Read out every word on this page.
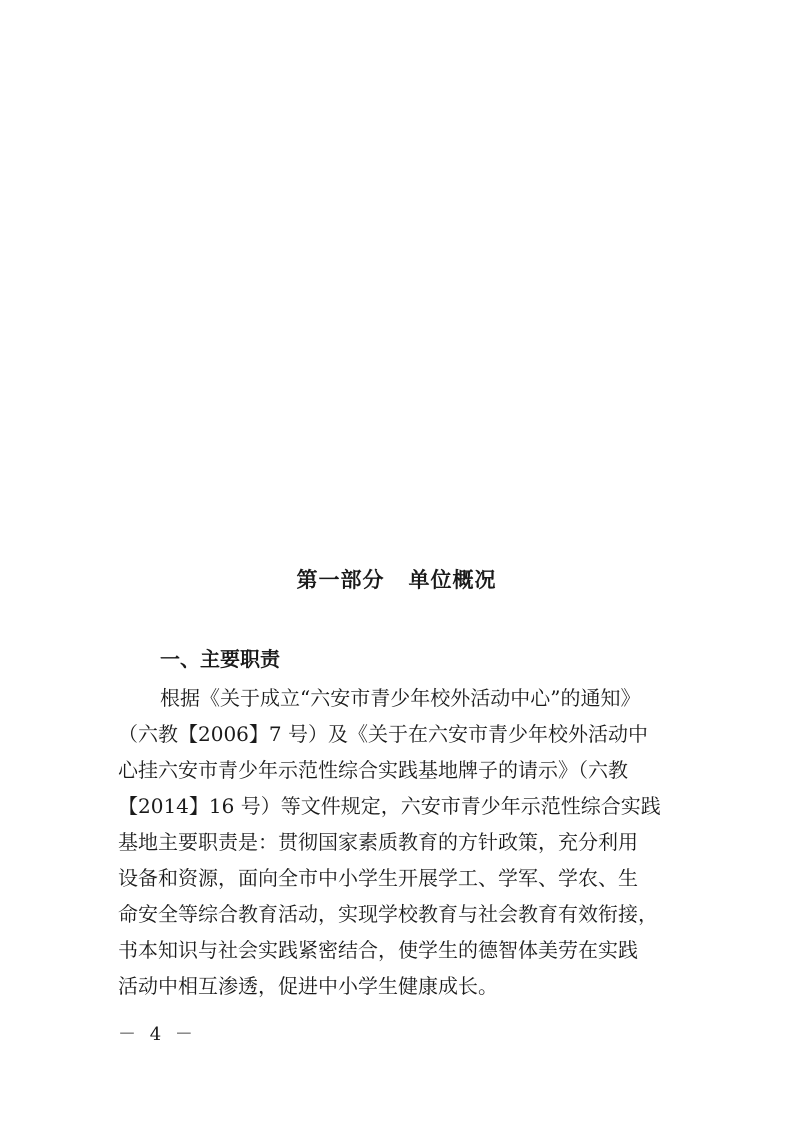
第一部分 单位概况
一、主要职责
根据《关于成立“六安市青少年校外活动中心”的通知》
（六教【2006】7 号）及《关于在六安市青少年校外活动中
心挂六安市青少年示范性综合实践基地牌子的请示》（六教
【2014】16 号）等文件规定，六安市青少年示范性综合实践
基地主要职责是：贯彻国家素质教育的方针政策，充分利用
设备和资源，面向全市中小学生开展学工、学军、学农、生
命安全等综合教育活动，实现学校教育与社会教育有效衔接，
书本知识与社会实践紧密结合，使学生的德智体美劳在实践
活动中相互渗透，促进中小学生健康成长。

－ 4 －
